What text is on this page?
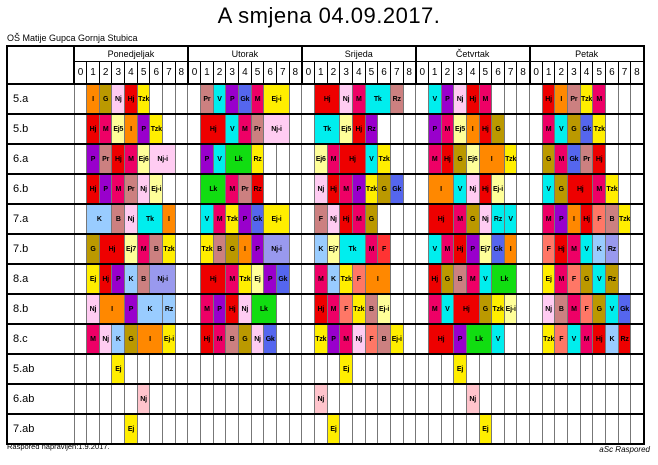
A smjena 04.09.2017.
OŠ Matije Gupca Gornja Stubica
	Ponedjeljak									Utorak									Srijeda									Četvrtak									Petak								
	0	1	2	3	4	5	6	7	8	0	1	2	3	4	5	6	7	8	0	1	2	3	4	5	6	7	8	0	1	2	3	4	5	6	7	8	0	1	2	3	4	5	6	7	8
5.a		I	G	Nj	Hj	Tzk					Pr	V	P	Gk	M	Ej-i				Hj		Nj	M	Tk		Rz			V	P	Nj	Hj	M					Hj	I	Pr	Tzk	M			
5.b		Hj	M	Ej5	I	P	Tzk				Hj		V	M	Pr	Nj-i				Tk		Ej5	Hj	Rz					P	M	Ej5	I	Hj	G				M	V	G	Gk	Tzk			
6.a		P	Pr	Hj	M	Ej6	Nj-i				P	V	Lk		Rz					Ej6	M	Hj		V	Tzk				M	Hj	G	Ej6	I		Tzk			G	M	Gk	Pr	Hj			
6.b		Hj	P	M	Pr	Nj	Ej-i				Lk		M	Pr	Rz					Nj	Hj	M	P	Tzk	G	Gk			I		V	Nj	Hj	Ej-i				V	G	Hj		M	Tzk		
7.a		K		B	Nj	Tk		I			V	M	Tzk	P	Gk	Ej-i				F	Nj	Hj	M	G					Hj		M	G	Nj	Rz	V			M	P	I	Hj	F	B	Tzk	
7.b		G	Hj		Ej7	M	B	Tzk			Tzk	B	G	I	P	Nj-i				K	Ej7	Tk		M	F				V	M	Hj	P	Ej7	Gk	I			F	Hj	M	V	K	Rz		
8.a		Ej	Hj	P	K	B	Nj-i				Hj		M	Tzk	Ej	P	Gk			M	K	Tzk	F	I					Hj	G	B	M	V	Lk				Ej	M	F	G	V	Rz		
8.b		Nj	I		P	K		Rz			M	P	Hj	Nj	Lk					Hj	M	F	Tzk	B	Ej-i				M	V	Hj		G	Tzk	Ej-i			Nj	B	M	F	G	V	Gk	
8.c		M	Nj	K	G	I		Ej-i			Hj	M	B	G	Nj	Gk				Tzk	P	M	Nj	F	B	Ej-i			Hj		P	Lk		V				Tzk	F	V	M	Hj	K	Rz	
5.ab				Ej																		Ej									Ej														
6.ab						Nj														Nj												Nj													
7.ab					Ej																Ej												Ej												
Raspored napravljen:1.9.2017.	aSc Raspored
